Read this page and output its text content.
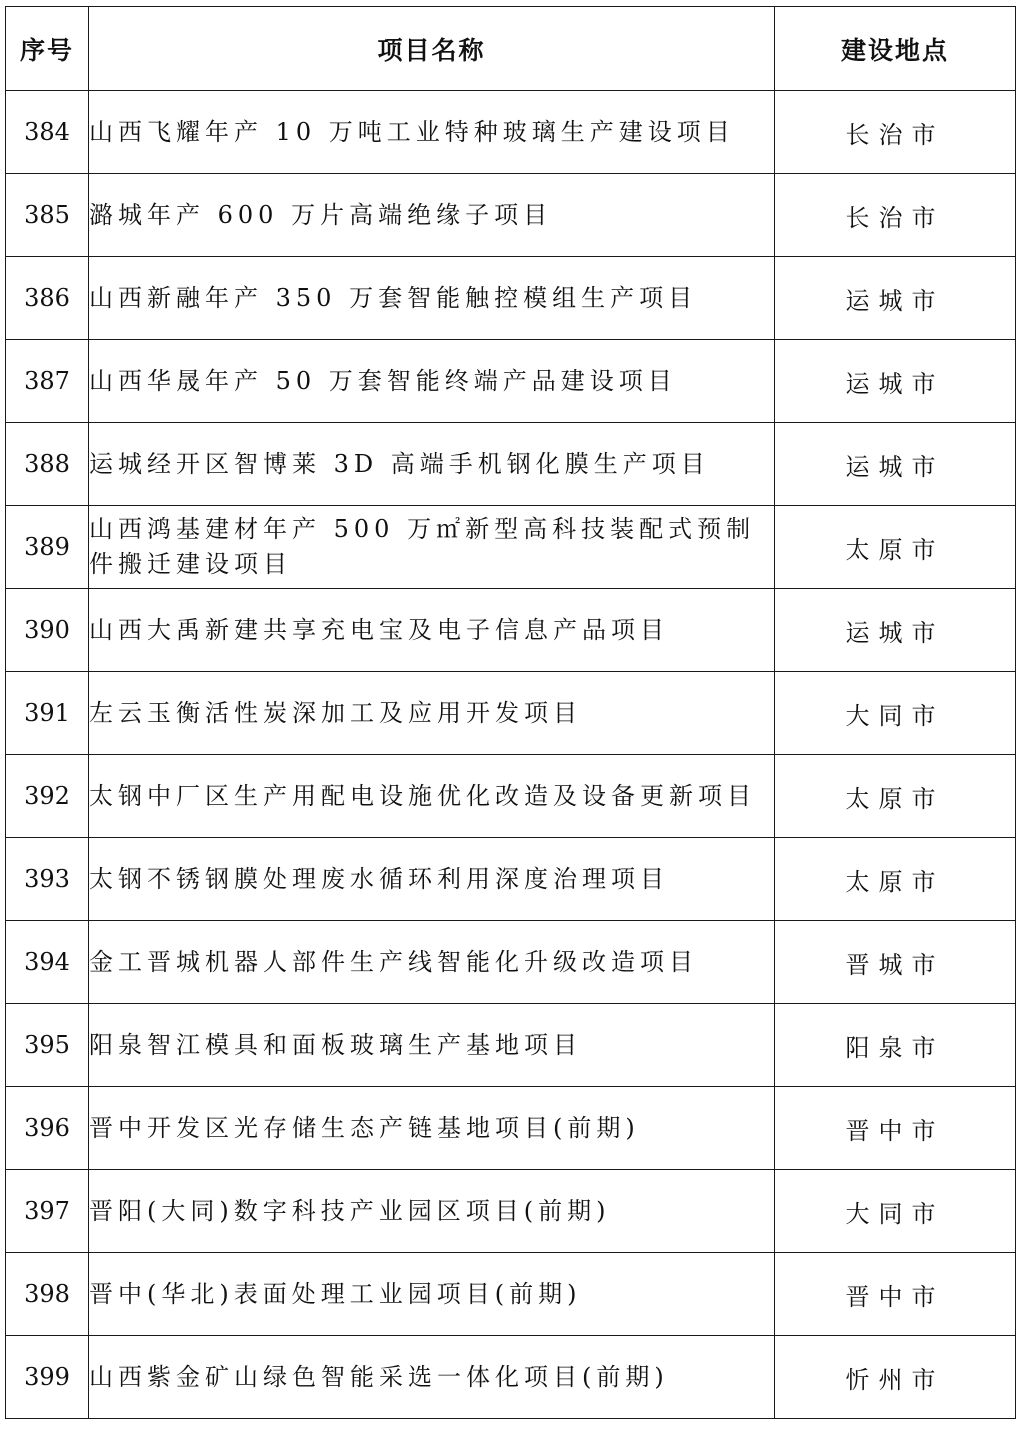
序号	项目名称	建设地点
384	山西飞耀年产 10 万吨工业特种玻璃生产建设项目	长治市
385	潞城年产 600 万片高端绝缘子项目	长治市
386	山西新融年产 350 万套智能触控模组生产项目	运城市
387	山西华晟年产 50 万套智能终端产品建设项目	运城市
388	运城经开区智博莱 3D 高端手机钢化膜生产项目	运城市
389	山西鸿基建材年产 500 万㎡新型高科技装配式预制件搬迁建设项目	太原市
390	山西大禹新建共享充电宝及电子信息产品项目	运城市
391	左云玉衡活性炭深加工及应用开发项目	大同市
392	太钢中厂区生产用配电设施优化改造及设备更新项目	太原市
393	太钢不锈钢膜处理废水循环利用深度治理项目	太原市
394	金工晋城机器人部件生产线智能化升级改造项目	晋城市
395	阳泉智江模具和面板玻璃生产基地项目	阳泉市
396	晋中开发区光存储生态产链基地项目(前期)	晋中市
397	晋阳(大同)数字科技产业园区项目(前期)	大同市
398	晋中(华北)表面处理工业园项目(前期)	晋中市
399	山西紫金矿山绿色智能采选一体化项目(前期)	忻州市
